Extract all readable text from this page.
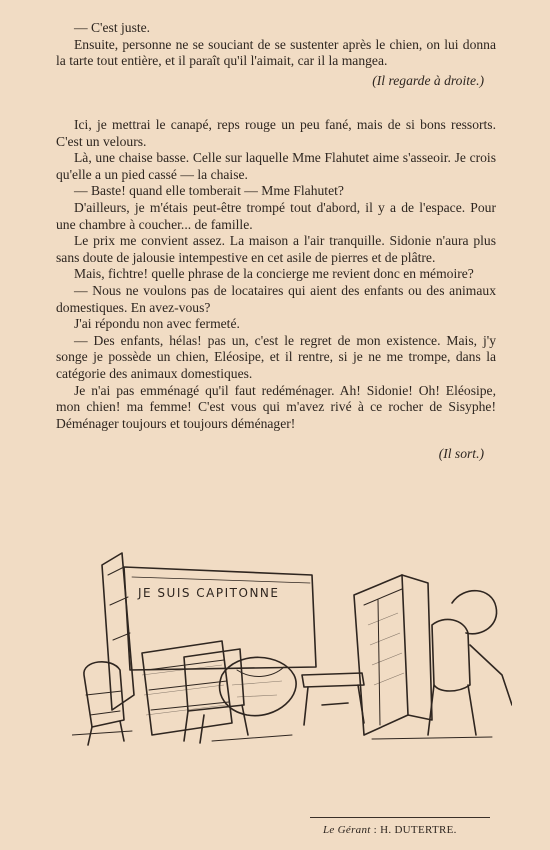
— C'est juste.

Ensuite, personne ne se souciant de se sustenter après le chien, on lui donna la tarte tout entière, et il paraît qu'il l'aimait, car il la mangea.

(Il regarde à droite.)

Ici, je mettrai le canapé, reps rouge un peu fané, mais de si bons ressorts. C'est un velours.

Là, une chaise basse. Celle sur laquelle Mme Flahutet aime s'asseoir. Je crois qu'elle a un pied cassé — la chaise.

— Baste! quand elle tomberait — Mme Flahutet?

D'ailleurs, je m'étais peut-être trompé tout d'abord, il y a de l'espace. Pour une chambre à coucher... de famille.

Le prix me convient assez. La maison a l'air tranquille. Sidonie n'aura plus sans doute de jalousie intempestive en cet asile de pierres et de plâtre.

Mais, fichtre! quelle phrase de la concierge me revient donc en mémoire?

— Nous ne voulons pas de locataires qui aient des enfants ou des animaux domestiques. En avez-vous?

J'ai répondu non avec fermeté.

— Des enfants, hélas! pas un, c'est le regret de mon existence. Mais, j'y songe je possède un chien, Eléosipe, et il rentre, si je ne me trompe, dans la catégorie des animaux domestiques.

Je n'ai pas emménagé qu'il faut redéménager. Ah! Sidonie! Oh! Eléosipe, mon chien! ma femme! C'est vous qui m'avez rivé à ce rocher de Sisyphe! Déménager toujours et toujours déménager!

(Il sort.)

JE SUIS CAPITONNE
Le Gérant : H. DUTERTRE.
